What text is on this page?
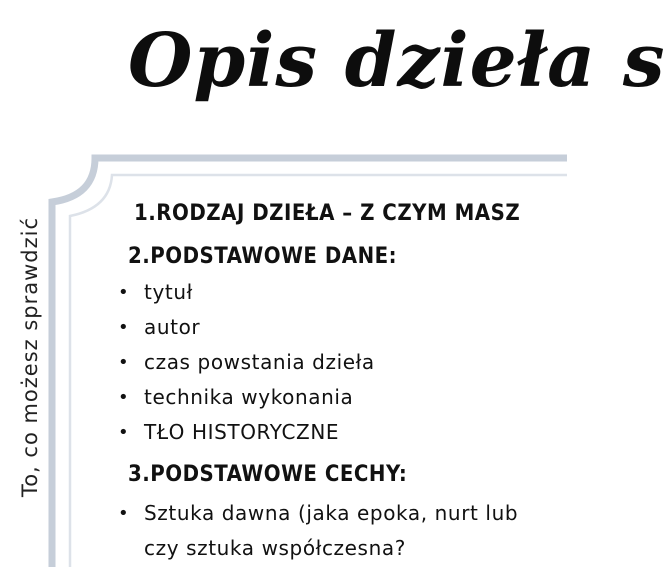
Opis dzieła s
To, co możesz sprawdzić
1.RODZAJ DZIEŁA – Z CZYM MASZ
2.PODSTAWOWE DANE:
• tytuł
• autor
• czas powstania dzieła
• technika wykonania
• TŁO HISTORYCZNE
3.PODSTAWOWE CECHY:
• Sztuka dawna (jaka epoka, nurt lub
czy sztuka współczesna?
